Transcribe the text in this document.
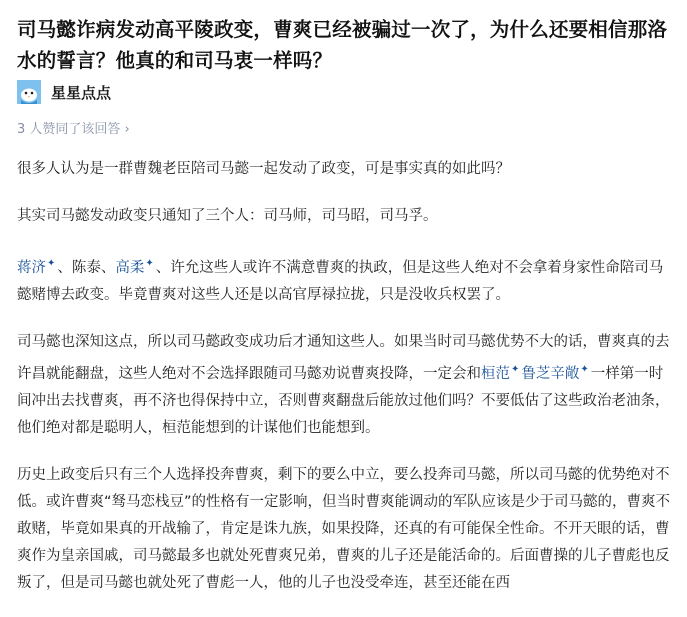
司马懿诈病发动高平陵政变，曹爽已经被骗过一次了，为什么还要相信那洛水的誓言？他真的和司马衷一样吗？
星星点点
3 人赞同了该回答 ›

很多人认为是一群曹魏老臣陪司马懿一起发动了政变，可是事实真的如此吗？

其实司马懿发动政变只通知了三个人：司马师，司马昭，司马孚。

蒋济✦ 、陈泰、高柔✦ 、许允这些人或许不满意曹爽的执政，但是这些人绝对不会拿着身家性命陪司马懿赌博去政变。毕竟曹爽对这些人还是以高官厚禄拉拢，只是没收兵权罢了。

司马懿也深知这点，所以司马懿政变成功后才通知这些人。如果当时司马懿优势不大的话，曹爽真的去许昌就能翻盘，这些人绝对不会选择跟随司马懿劝说曹爽投降，一定会和桓范✦ 鲁芝辛敞✦ 一样第一时间冲出去找曹爽，再不济也得保持中立，否则曹爽翻盘后能放过他们吗？不要低估了这些政治老油条，他们绝对都是聪明人，桓范能想到的计谋他们也能想到。

历史上政变后只有三个人选择投奔曹爽，剩下的要么中立，要么投奔司马懿，所以司马懿的优势绝对不低。或许曹爽“驽马恋栈豆”的性格有一定影响，但当时曹爽能调动的军队应该是少于司马懿的，曹爽不敢赌，毕竟如果真的开战输了，肯定是诛九族，如果投降，还真的有可能保全性命。不开天眼的话，曹爽作为皇亲国戚，司马懿最多也就处死曹爽兄弟，曹爽的儿子还是能活命的。后面曹操的儿子曹彪也反叛了，但是司马懿也就处死了曹彪一人，他的儿子也没受牵连，甚至还能在西
